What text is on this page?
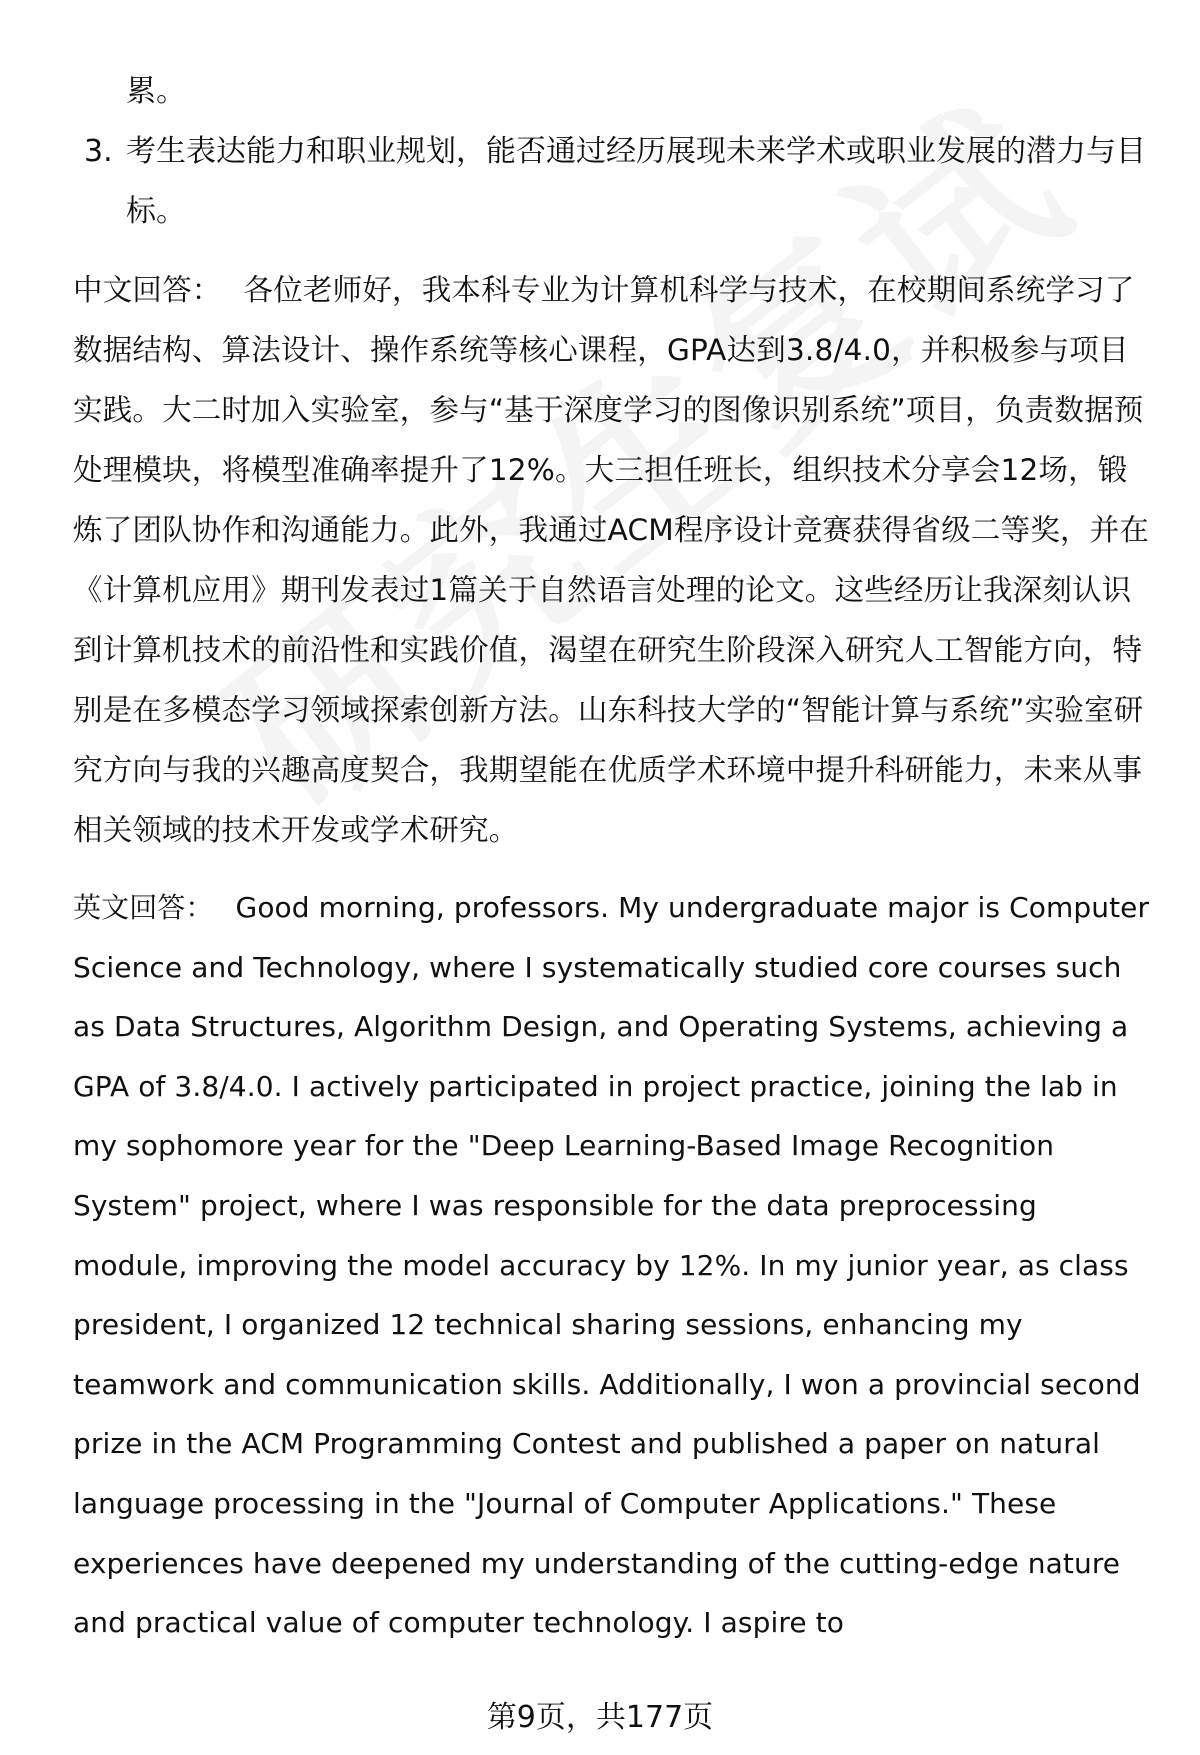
累。

3. 考生表达能力和职业规划，能否通过经历展现未来学术或职业发展的潜力与目标。

中文回答： 各位老师好，我本科专业为计算机科学与技术，在校期间系统学习了数据结构、算法设计、操作系统等核心课程，GPA达到3.8/4.0，并积极参与项目实践。大二时加入实验室，参与“基于深度学习的图像识别系统”项目，负责数据预处理模块，将模型准确率提升了12%。大三担任班长，组织技术分享会12场，锻炼了团队协作和沟通能力。此外，我通过ACM程序设计竞赛获得省级二等奖，并在《计算机应用》期刊发表过1篇关于自然语言处理的论文。这些经历让我深刻认识到计算机技术的前沿性和实践价值，渴望在研究生阶段深入研究人工智能方向，特别是在多模态学习领域探索创新方法。山东科技大学的“智能计算与系统”实验室研究方向与我的兴趣高度契合，我期望能在优质学术环境中提升科研能力，未来从事相关领域的技术开发或学术研究。

英文回答： Good morning, professors. My undergraduate major is Computer Science and Technology, where I systematically studied core courses such as Data Structures, Algorithm Design, and Operating Systems, achieving a GPA of 3.8/4.0. I actively participated in project practice, joining the lab in my sophomore year for the "Deep Learning-Based Image Recognition System" project, where I was responsible for the data preprocessing module, improving the model accuracy by 12%. In my junior year, as class president, I organized 12 technical sharing sessions, enhancing my teamwork and communication skills. Additionally, I won a provincial second prize in the ACM Programming Contest and published a paper on natural language processing in the "Journal of Computer Applications." These experiences have deepened my understanding of the cutting-edge nature and practical value of computer technology. I aspire to

第9页，共177页
